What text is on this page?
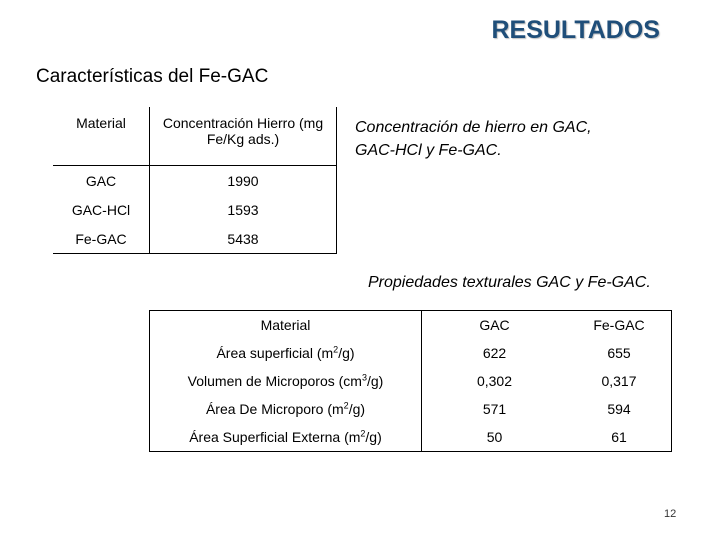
RESULTADOS
Características del Fe-GAC
Material	Concentración Hierro (mg Fe/Kg ads.)
GAC	1990
GAC-HCl	1593
Fe-GAC	5438
Concentración de hierro en GAC, GAC-HCl y Fe-GAC.
Propiedades texturales GAC y Fe-GAC.
Material	GAC	Fe-GAC
Área superficial $(m^2/g)$	622	655
Volumen de Microporos $(cm^3/g)$	0,302	0,317
Área De Microporo $(m^2/g)$	571	594
Área Superficial Externa $(m^2/g)$	50	61
12
